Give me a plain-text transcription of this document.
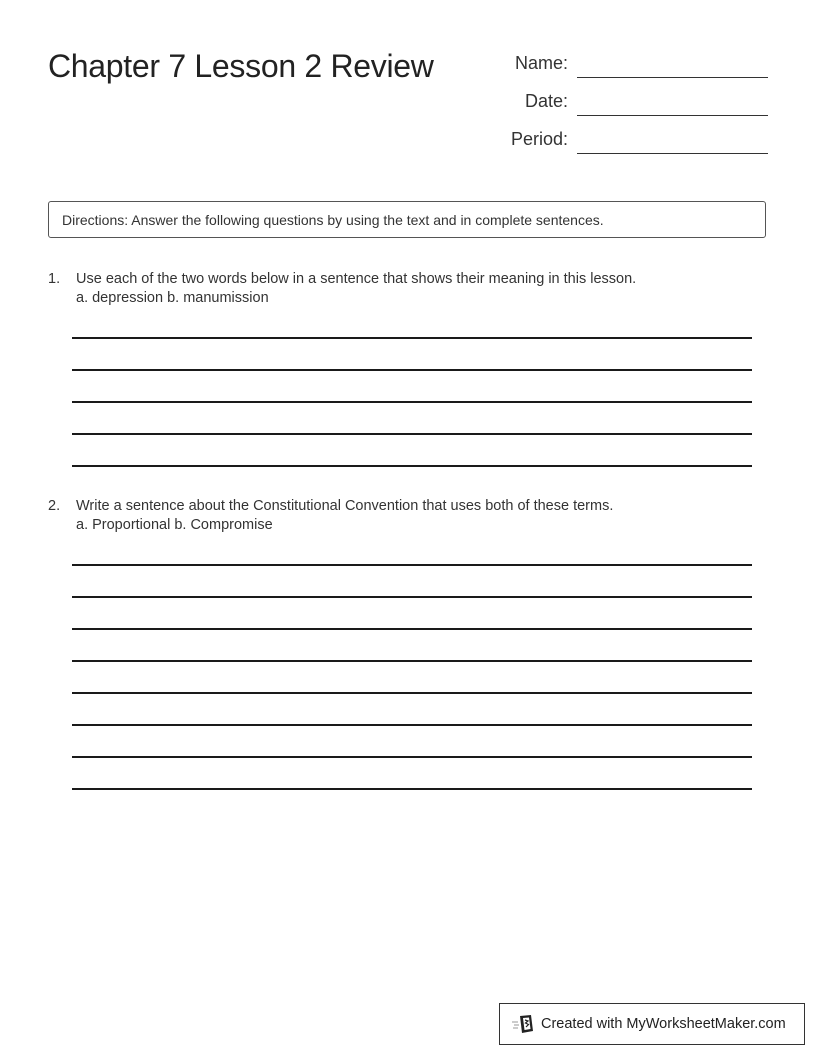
Chapter 7 Lesson 2 Review	Name:
Date:
Period:
Directions: Answer the following questions by using the text and in complete sentences.
1. Use each of the two words below in a sentence that shows their meaning in this lesson.
a. depression b. manumission
2. Write a sentence about the Constitutional Convention that uses both of these terms.
a. Proportional b. Compromise
Created with MyWorksheetMaker.com
